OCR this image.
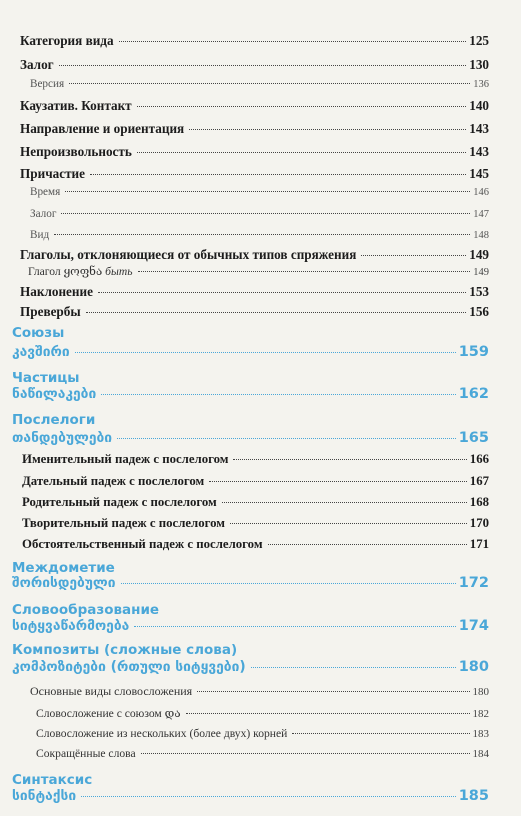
Категория вида	125
Залог	130
Версия	136
Каузатив. Контакт	140
Направление и ориентация	143
Непроизвольность	143
Причастие	145
Время	146
Залог	147
Вид	148
Глаголы, отклоняющиеся от обычных типов спряжения	149
Глагол ყოფნა быть	149
Наклонение	153
Превербы	156
Союзы
კავშირი	159
Частицы
ნაწილაკები	162
Послелоги
თანდებულები	165
Именительный падеж с послелогом	166
Дательный падеж с послелогом	167
Родительный падеж с послелогом	168
Творительный падеж с послелогом	170
Обстоятельственный падеж с послелогом	171
Междометие
შორისდებული	172
Словообразование
სიტყვაწარმოება	174
Композиты (сложные слова)
კომპოზიტები (რთული სიტყვები)	180
Основные виды словосложения	180
Словосложение с союзом და	182
Словосложение из нескольких (более двух) корней	183
Сокращённые слова	184
Синтаксис
სინტაქსი	185
